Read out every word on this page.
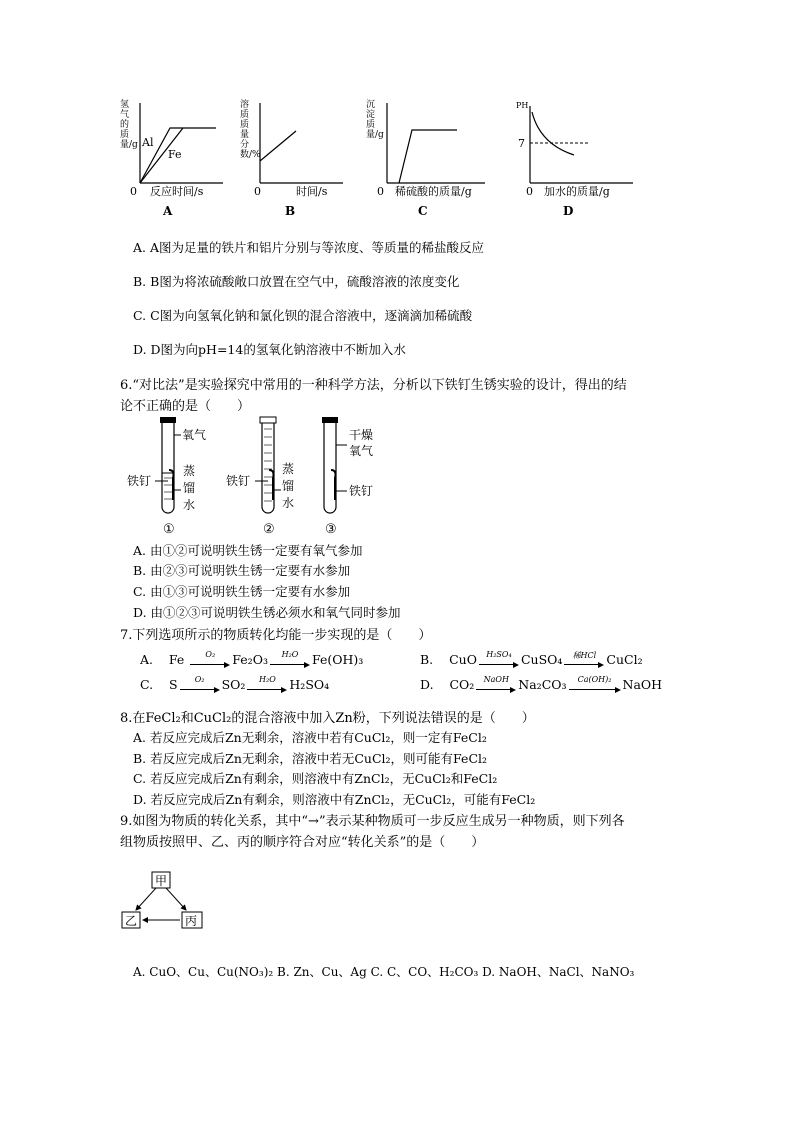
Al
Fe
0 反应时间/s
A
氢气的质量/g
0	时间/s
B
溶质质量分数/%
0 稀硫酸的质量/g
C
沉淀质量/g
7
PH
0 加水的质量/g
D
A. A图为足量的铁片和铝片分别与等浓度、等质量的稀盐酸反应
B. B图为将浓硫酸敞口放置在空气中，硫酸溶液的浓度变化
C. C图为向氢氧化钠和氯化钡的混合溶液中，逐滴滴加稀硫酸
D. D图为向pH=14的氢氧化钠溶液中不断加入水
6.“对比法”是实验探究中常用的一种科学方法，分析以下铁钉生锈实验的设计，得出的结
论不正确的是（　　）
氧气
铁钉
蒸
馏
水
铁钉
蒸
馏
水
干燥
氧气
铁钉
①	②	③
A. 由①②可说明铁生锈一定要有氧气参加
B. 由②③可说明铁生锈一定要有水参加
C. 由①③可说明铁生锈一定要有水参加
D. 由①②③可说明铁生锈必须水和氧气同时参加
7.下列选项所示的物质转化均能一步实现的是（　　）
A. Fe	O₂	Fe₂O₃	H₂O	Fe(OH)₃	B. CuO	H₂SO₄ CuSO₄	稀HCl CuCl₂
C. S	O₂	SO₂	H₂O	H₂SO₄	D. CO₂	NaOH Na₂CO₃	Ca(OH)₂ NaOH
8.在FeCl₂和CuCl₂的混合溶液中加入Zn粉，下列说法错误的是（　　）
A. 若反应完成后Zn无剩余，溶液中若有CuCl₂，则一定有FeCl₂
B. 若反应完成后Zn无剩余，溶液中若无CuCl₂，则可能有FeCl₂
C. 若反应完成后Zn有剩余，则溶液中有ZnCl₂，无CuCl₂和FeCl₂
D. 若反应完成后Zn有剩余，则溶液中有ZnCl₂，无CuCl₂，可能有FeCl₂
9.如图为物质的转化关系，其中“→”表示某种物质可一步反应生成另一种物质，则下列各
组物质按照甲、乙、丙的顺序符合对应“转化关系”的是（　　）
甲
乙	丙
A. CuO、Cu、Cu(NO₃)₂ B. Zn、Cu、Ag C. C、CO、H₂CO₃ D. NaOH、NaCl、NaNO₃
